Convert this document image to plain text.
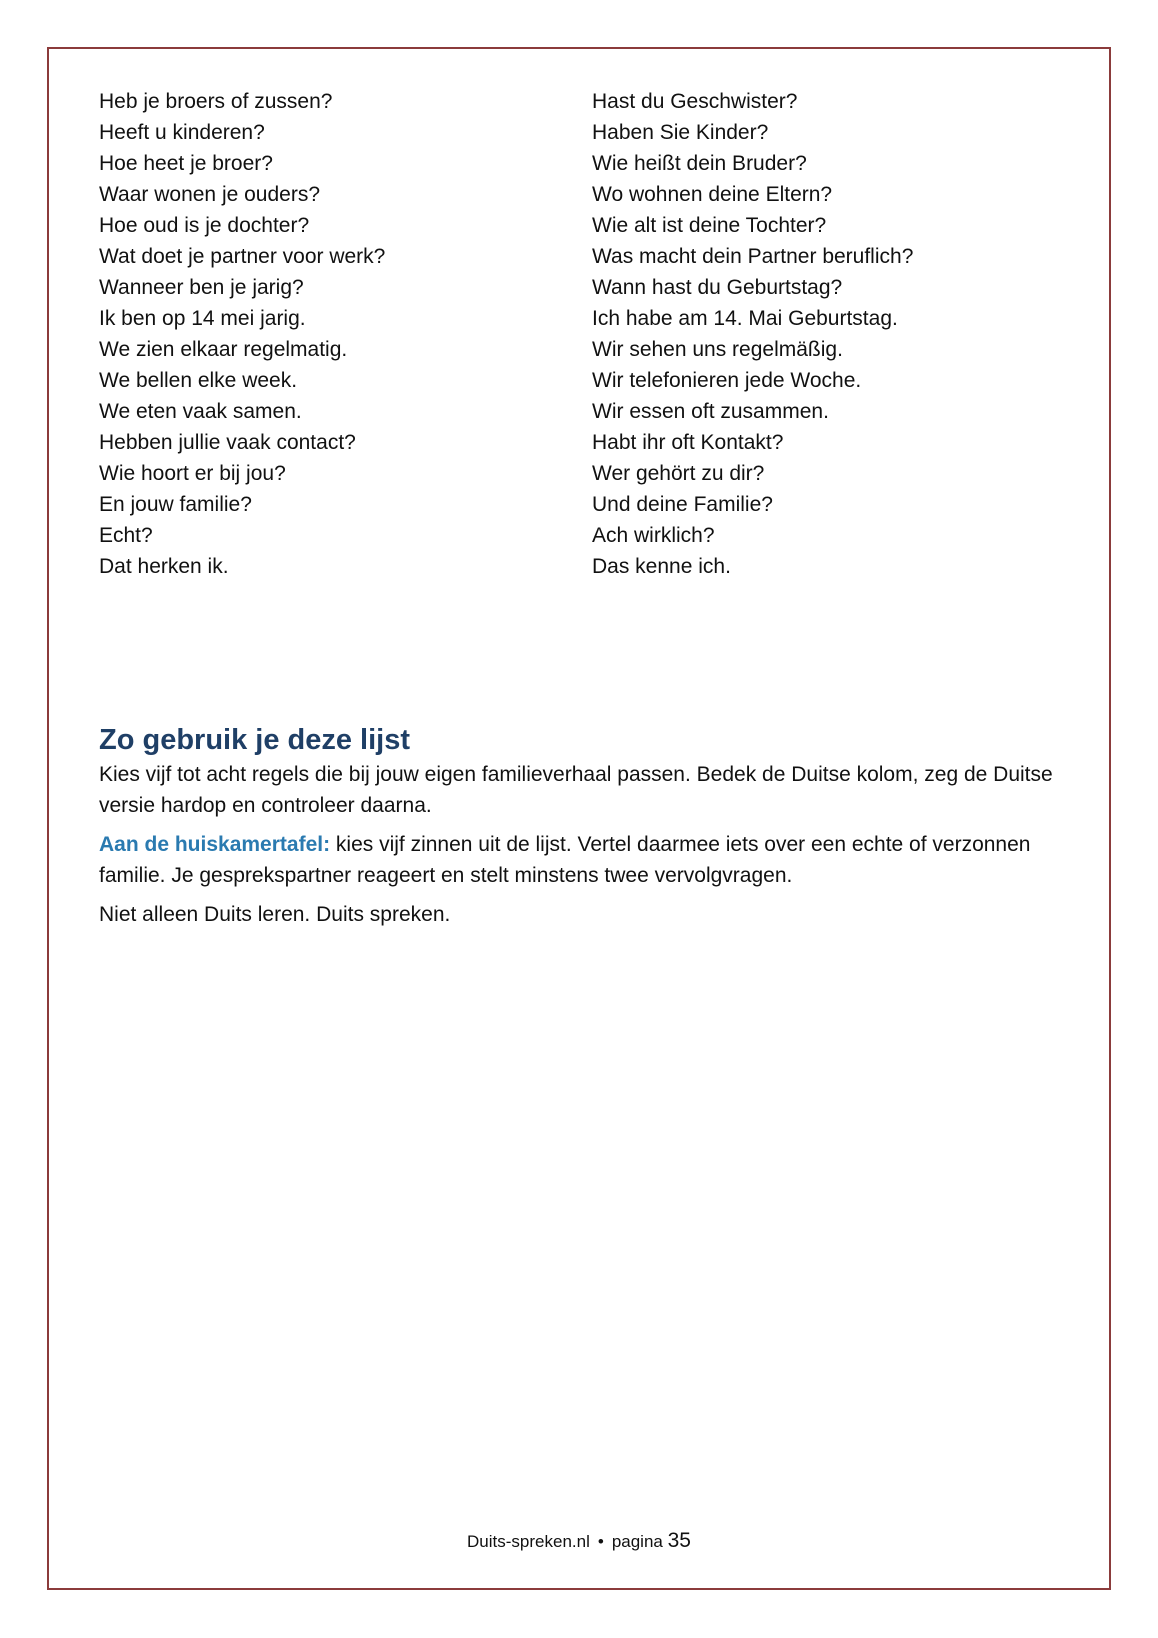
Heb je broers of zussen?	Hast du Geschwister?
Heeft u kinderen?	Haben Sie Kinder?
Hoe heet je broer?	Wie heißt dein Bruder?
Waar wonen je ouders?	Wo wohnen deine Eltern?
Hoe oud is je dochter?	Wie alt ist deine Tochter?
Wat doet je partner voor werk?	Was macht dein Partner beruflich?
Wanneer ben je jarig?	Wann hast du Geburtstag?
Ik ben op 14 mei jarig.	Ich habe am 14. Mai Geburtstag.
We zien elkaar regelmatig.	Wir sehen uns regelmäßig.
We bellen elke week.	Wir telefonieren jede Woche.
We eten vaak samen.	Wir essen oft zusammen.
Hebben jullie vaak contact?	Habt ihr oft Kontakt?
Wie hoort er bij jou?	Wer gehört zu dir?
En jouw familie?	Und deine Familie?
Echt?	Ach wirklich?
Dat herken ik.	Das kenne ich.
Zo gebruik je deze lijst

Kies vijf tot acht regels die bij jouw eigen familieverhaal passen. Bedek de Duitse kolom, zeg de Duitse versie hardop en controleer daarna.

Aan de huiskamertafel: kies vijf zinnen uit de lijst. Vertel daarmee iets over een echte of verzonnen familie. Je gesprekspartner reageert en stelt minstens twee vervolgvragen.

Niet alleen Duits leren. Duits spreken.

Duits-spreken.nl • pagina 35
